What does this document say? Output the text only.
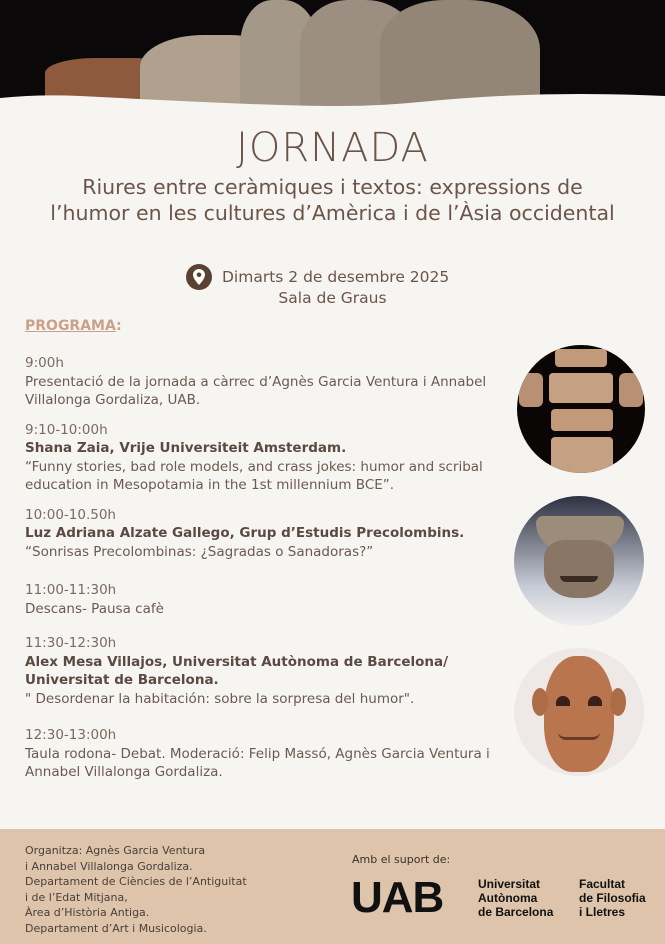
JORNADA
Riures entre ceràmiques i textos: expressions de l’humor en les cultures d’Amèrica i de l’Àsia occidental
Dimarts 2 de desembre 2025
Sala de Graus
PROGRAMA:
9:00h
Presentació de la jornada a càrrec d’Agnès Garcia Ventura i Annabel Villalonga Gordaliza, UAB.
9:10-10:00h
Shana Zaia, Vrije Universiteit Amsterdam.
“Funny stories, bad role models, and crass jokes: humor and scribal education in Mesopotamia in the 1st millennium BCE”.
10:00-10.50h
Luz Adriana Alzate Gallego, Grup d’Estudis Precolombins.
“Sonrisas Precolombinas: ¿Sagradas o Sanadoras?”
11:00-11:30h
Descans- Pausa cafè
11:30-12:30h
Alex Mesa Villajos, Universitat Autònoma de Barcelona/ Universitat de Barcelona.
" Desordenar la habitación: sobre la sorpresa del humor".
12:30-13:00h
Taula rodona- Debat. Moderació: Felip Massó, Agnès Garcia Ventura i Annabel Villalonga Gordaliza.
Organitza: Agnès Garcia Ventura
i Annabel Villalonga Gordaliza.
Departament de Ciències de l’Antiguitat
i de l’Edat Mitjana,
Àrea d’Història Antiga.
Departament d’Art i Musicologia.
Amb el suport de:
UAB	Universitat
Autònoma
de Barcelona
Facultat
de Filosofia
i Lletres
